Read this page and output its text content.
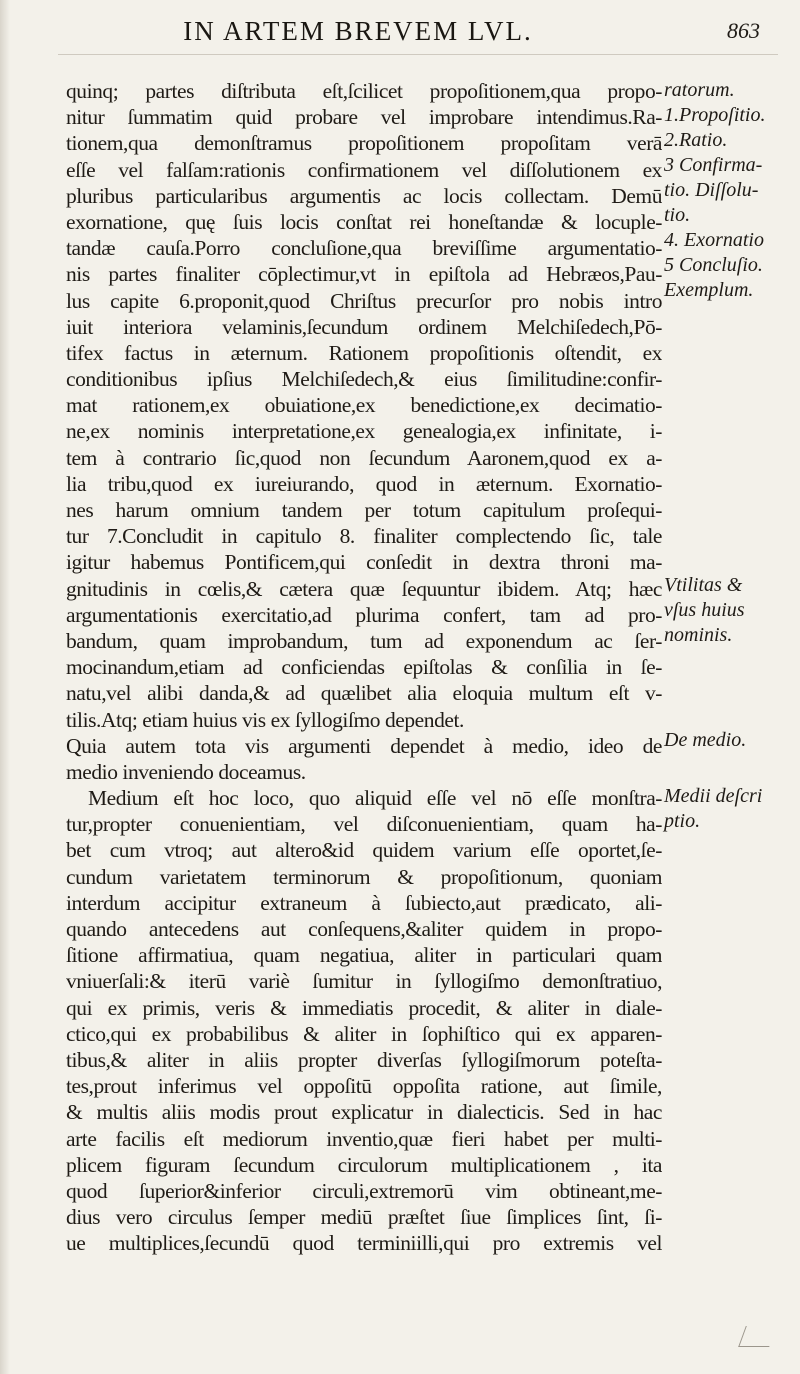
IN ARTEM BREVEM LVL.	863
quinq; partes diſtributa eſt,ſcilicet propoſitionem,qua propo-
nitur ſummatim quid probare vel improbare intendimus.Ra-
tionem,qua demonſtramus propoſitionem propoſitam verā
eſſe vel falſam:rationis confirmationem vel diſſolutionem ex
pluribus particularibus argumentis ac locis collectam. Demū
exornatione, quę ſuis locis conſtat rei honeſtandæ & locuple-
tandæ cauſa.Porro concluſione,qua breviſſime argumentatio-
nis partes finaliter cōplectimur,vt in epiſtola ad Hebræos,Pau-
lus capite 6.proponit,quod Chriſtus precurſor pro nobis intro
iuit interiora velaminis,ſecundum ordinem Melchiſedech,Pō-
tifex factus in æternum. Rationem propoſitionis oſtendit, ex
conditionibus ipſius Melchiſedech,& eius ſimilitudine:confir-
mat rationem,ex obuiatione,ex benedictione,ex decimatio-
ne,ex nominis interpretatione,ex genealogia,ex infinitate, i-
tem à contrario ſic,quod non ſecundum Aaronem,quod ex a-
lia tribu,quod ex iureiurando, quod in æternum. Exornatio-
nes harum omnium tandem per totum capitulum proſequi-
tur 7.Concludit in capitulo 8. finaliter complectendo ſic, tale
igitur habemus Pontificem,qui conſedit in dextra throni ma-
gnitudinis in cœlis,& cætera quæ ſequuntur ibidem. Atq; hæc
argumentationis exercitatio,ad plurima confert, tam ad pro-
bandum, quam improbandum, tum ad exponendum ac ſer-
mocinandum,etiam ad conficiendas epiſtolas & conſilia in ſe-
natu,vel alibi danda,& ad quælibet alia eloquia multum eſt v-
tilis.Atq; etiam huius vis ex ſyllogiſmo dependet.
Quia autem tota vis argumenti dependet à medio, ideo de
medio inveniendo doceamus.
Medium eſt hoc loco, quo aliquid eſſe vel nō eſſe monſtra-
tur,propter conuenientiam, vel diſconuenientiam, quam ha-
bet cum vtroq; aut altero&id quidem varium eſſe oportet,ſe-
cundum varietatem terminorum & propoſitionum, quoniam
interdum accipitur extraneum à ſubiecto,aut prædicato, ali-
quando antecedens aut conſequens,&aliter quidem in propo-
ſitione affirmatiua, quam negatiua, aliter in particulari quam
vniuerſali:& iterū variè ſumitur in ſyllogiſmo demonſtratiuo,
qui ex primis, veris & immediatis procedit, & aliter in diale-
ctico,qui ex probabilibus & aliter in ſophiſtico qui ex apparen-
tibus,& aliter in aliis propter diverſas ſyllogiſmorum poteſta-
tes,prout inferimus vel oppoſitū oppoſita ratione, aut ſimile,
& multis aliis modis prout explicatur in dialecticis. Sed in hac
arte facilis eſt mediorum inventio,quæ fieri habet per multi-
plicem figuram ſecundum circulorum multiplicationem , ita
quod ſuperior&inferior circuli,extremorū vim obtineant,me-
dius vero circulus ſemper mediū præſtet ſiue ſimplices ſint, ſi-
ue multiplices,ſecundū quod terminiilli,qui pro extremis vel
ratorum.
1.Propoſitio.
2.Ratio.
3 Confirma-
tio. Diſſolu-
tio.
4. Exornatio
5 Concluſio.
Exemplum.
Vtilitas &
vſus huius
nominis.
De medio.
Medii deſcri
ptio.
